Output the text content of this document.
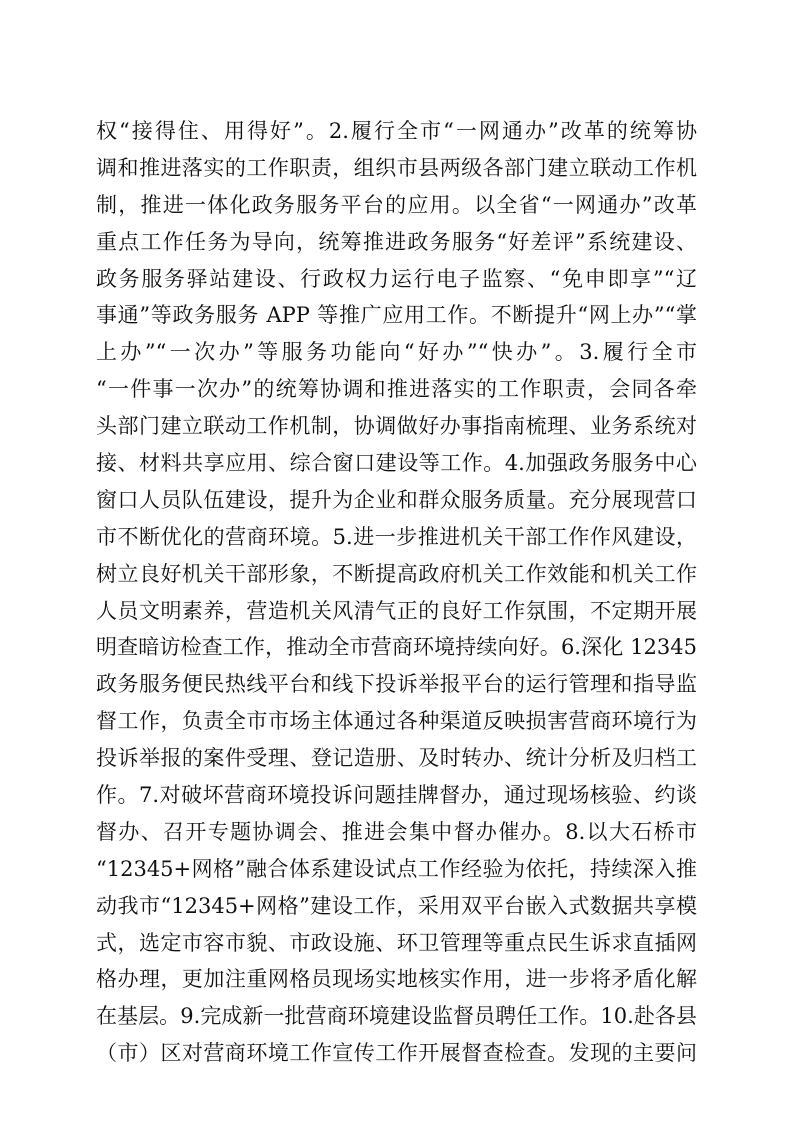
权“接得住、用得好”。2.履行全市“一网通办”改革的统筹协
调和推进落实的工作职责，组织市县两级各部门建立联动工作机
制，推进一体化政务服务平台的应用。以全省“一网通办”改革
重点工作任务为导向，统筹推进政务服务“好差评”系统建设、
政务服务驿站建设、行政权力运行电子监察、“免申即享”“辽
事通”等政务服务 APP 等推广应用工作。不断提升“网上办”“掌
上办”“一次办”等服务功能向“好办”“快办”。3.履行全市
“一件事一次办”的统筹协调和推进落实的工作职责，会同各牵
头部门建立联动工作机制，协调做好办事指南梳理、业务系统对
接、材料共享应用、综合窗口建设等工作。4.加强政务服务中心
窗口人员队伍建设，提升为企业和群众服务质量。充分展现营口
市不断优化的营商环境。5.进一步推进机关干部工作作风建设，
树立良好机关干部形象，不断提高政府机关工作效能和机关工作
人员文明素养，营造机关风清气正的良好工作氛围，不定期开展
明查暗访检查工作，推动全市营商环境持续向好。6.深化 12345
政务服务便民热线平台和线下投诉举报平台的运行管理和指导监
督工作，负责全市市场主体通过各种渠道反映损害营商环境行为
投诉举报的案件受理、登记造册、及时转办、统计分析及归档工
作。7.对破坏营商环境投诉问题挂牌督办，通过现场核验、约谈
督办、召开专题协调会、推进会集中督办催办。8.以大石桥市
“12345+网格”融合体系建设试点工作经验为依托，持续深入推
动我市“12345+网格”建设工作，采用双平台嵌入式数据共享模
式，选定市容市貌、市政设施、环卫管理等重点民生诉求直插网
格办理，更加注重网格员现场实地核实作用，进一步将矛盾化解
在基层。9.完成新一批营商环境建设监督员聘任工作。10.赴各县
（市）区对营商环境工作宣传工作开展督查检查。发现的主要问
